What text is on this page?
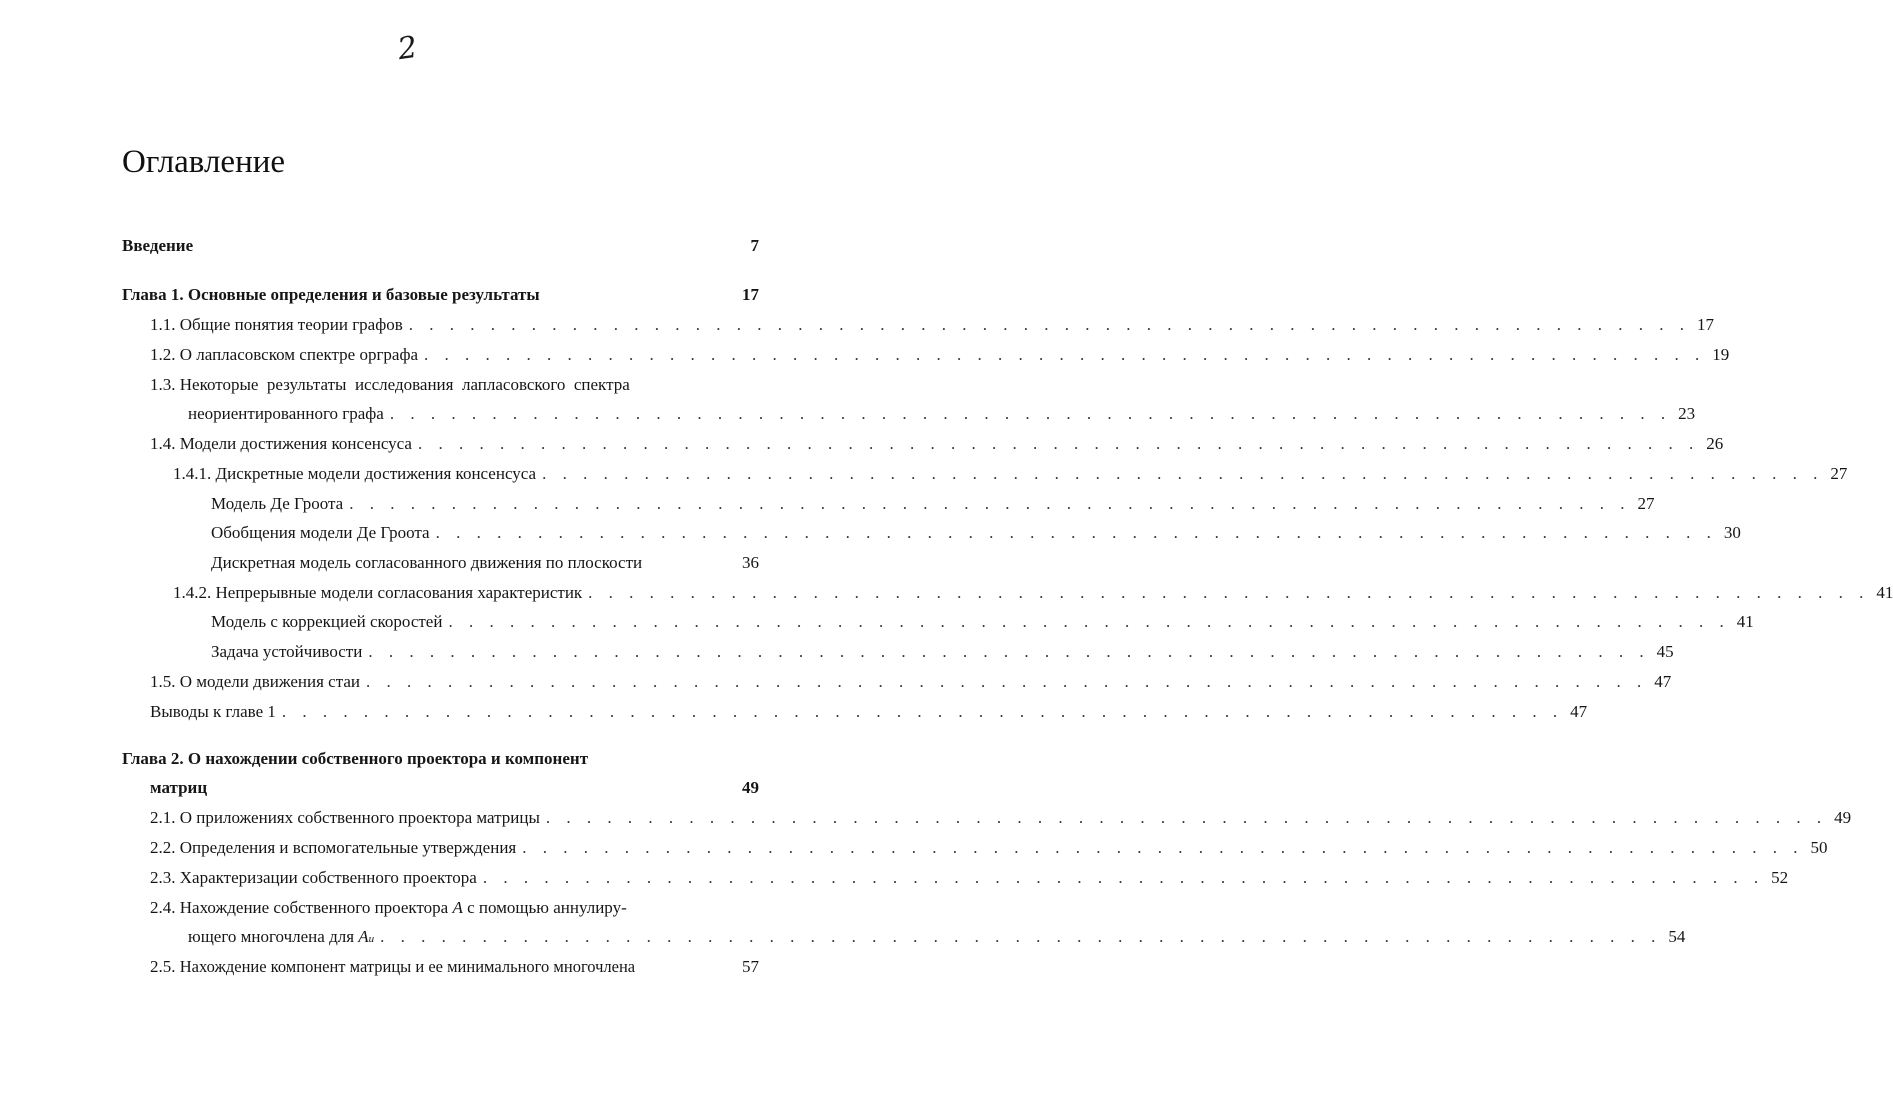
2
Оглавление
Введение	7
Глава 1. Основные определения и базовые результаты	17
1.1.
Общие понятия теории графов . . . . . . . . . . . . . . . . . . . . . . . . . . . . . . . . . . . . . . . . . . . . . . . . . . . . . . . . . . . . . . . 17
1.2.
О лапласовском спектре орграфа . . . . . . . . . . . . . . . . . . . . . . . . . . . . . . . . . . . . . . . . . . . . . . . . . . . . . . . . . . . . . . . 19
1.3.
Некоторые  результаты  исследования  лапласовского  спектра
неориентированного графа . . . . . . . . . . . . . . . . . . . . . . . . . . . . . . . . . . . . . . . . . . . . . . . . . . . . . . . . . . . . . . . 23
1.4.
Модели достижения консенсуса . . . . . . . . . . . . . . . . . . . . . . . . . . . . . . . . . . . . . . . . . . . . . . . . . . . . . . . . . . . . . . . 26
1.4.1.
Дискретные модели достижения консенсуса . . . . . . . . . . . . . . . . . . . . . . . . . . . . . . . . . . . . . . . . . . . . . . . . . . . . . . . . . . . . . . . 27
Модель Де Гроота . . . . . . . . . . . . . . . . . . . . . . . . . . . . . . . . . . . . . . . . . . . . . . . . . . . . . . . . . . . . . . . 27
Обобщения модели Де Гроота . . . . . . . . . . . . . . . . . . . . . . . . . . . . . . . . . . . . . . . . . . . . . . . . . . . . . . . . . . . . . . . 30
Дискретная модель согласованного движения по плоскости	36
1.4.2.
Непрерывные модели согласования характеристик . . . . . . . . . . . . . . . . . . . . . . . . . . . . . . . . . . . . . . . . . . . . . . . . . . . . . . . . . . . . . . . 41
Модель с коррекцией скоростей . . . . . . . . . . . . . . . . . . . . . . . . . . . . . . . . . . . . . . . . . . . . . . . . . . . . . . . . . . . . . . . 41
Задача устойчивости . . . . . . . . . . . . . . . . . . . . . . . . . . . . . . . . . . . . . . . . . . . . . . . . . . . . . . . . . . . . . . . 45
1.5.
О модели движения стаи . . . . . . . . . . . . . . . . . . . . . . . . . . . . . . . . . . . . . . . . . . . . . . . . . . . . . . . . . . . . . . . 47
Выводы к главе 1 . . . . . . . . . . . . . . . . . . . . . . . . . . . . . . . . . . . . . . . . . . . . . . . . . . . . . . . . . . . . . . . 47
Глава 2. О нахождении собственного проектора и компонент
матриц	49
2.1.
О приложениях собственного проектора матрицы . . . . . . . . . . . . . . . . . . . . . . . . . . . . . . . . . . . . . . . . . . . . . . . . . . . . . . . . . . . . . . . 49
2.2.
Определения и вспомогательные утверждения . . . . . . . . . . . . . . . . . . . . . . . . . . . . . . . . . . . . . . . . . . . . . . . . . . . . . . . . . . . . . . . 50
2.3.
Характеризации собственного проектора . . . . . . . . . . . . . . . . . . . . . . . . . . . . . . . . . . . . . . . . . . . . . . . . . . . . . . . . . . . . . . . 52
2.4.
Нахождение собственного проектора A с помощью аннулиру-
ющего многочлена для A u . . . . . . . . . . . . . . . . . . . . . . . . . . . . . . . . . . . . . . . . . . . . . . . . . . . . . . . . . . . . . . . 54
2.5.
Нахождение компонент матрицы и ее минимального многочлена	57
